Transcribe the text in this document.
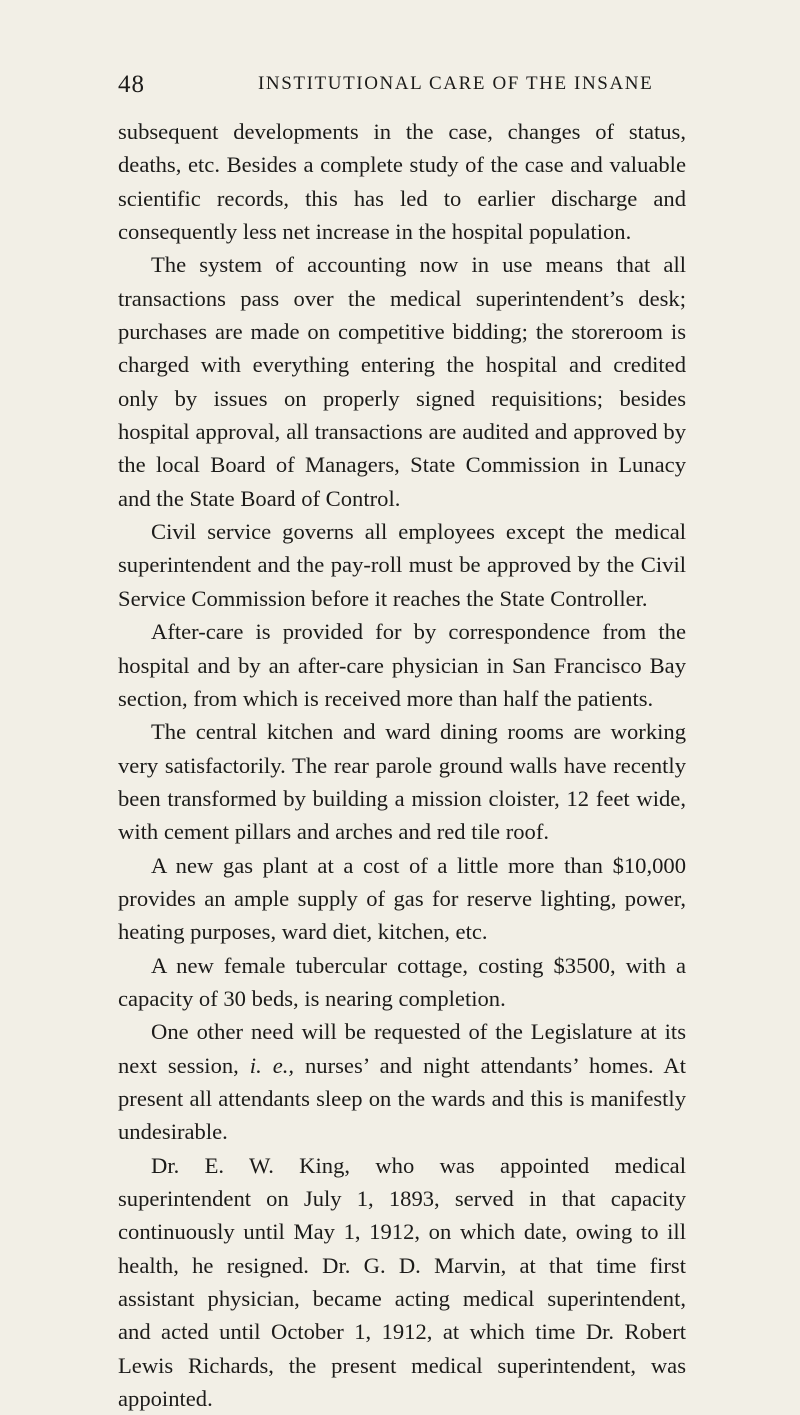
48	INSTITUTIONAL CARE OF THE INSANE

subsequent developments in the case, changes of status, deaths, etc. Besides a complete study of the case and valuable scientific records, this has led to earlier discharge and consequently less net increase in the hospital population.

The system of accounting now in use means that all transactions pass over the medical superintendent’s desk; purchases are made on competitive bidding; the storeroom is charged with everything entering the hospital and credited only by issues on properly signed requisitions; besides hospital approval, all transactions are audited and approved by the local Board of Managers, State Commission in Lunacy and the State Board of Control.

Civil service governs all employees except the medical superintendent and the pay-roll must be approved by the Civil Service Commission before it reaches the State Controller.

After-care is provided for by correspondence from the hospital and by an after-care physician in San Francisco Bay section, from which is received more than half the patients.

The central kitchen and ward dining rooms are working very satisfactorily. The rear parole ground walls have recently been transformed by building a mission cloister, 12 feet wide, with cement pillars and arches and red tile roof.

A new gas plant at a cost of a little more than $10,000 provides an ample supply of gas for reserve lighting, power, heating purposes, ward diet, kitchen, etc.

A new female tubercular cottage, costing $3500, with a capacity of 30 beds, is nearing completion.

One other need will be requested of the Legislature at its next session, i. e., nurses’ and night attendants’ homes. At present all attendants sleep on the wards and this is manifestly undesirable.

Dr. E. W. King, who was appointed medical superintendent on July 1, 1893, served in that capacity continuously until May 1, 1912, on which date, owing to ill health, he resigned. Dr. G. D. Marvin, at that time first assistant physician, became acting medical superintendent, and acted until October 1, 1912, at which time Dr. Robert Lewis Richards, the present medical superintendent, was appointed.
